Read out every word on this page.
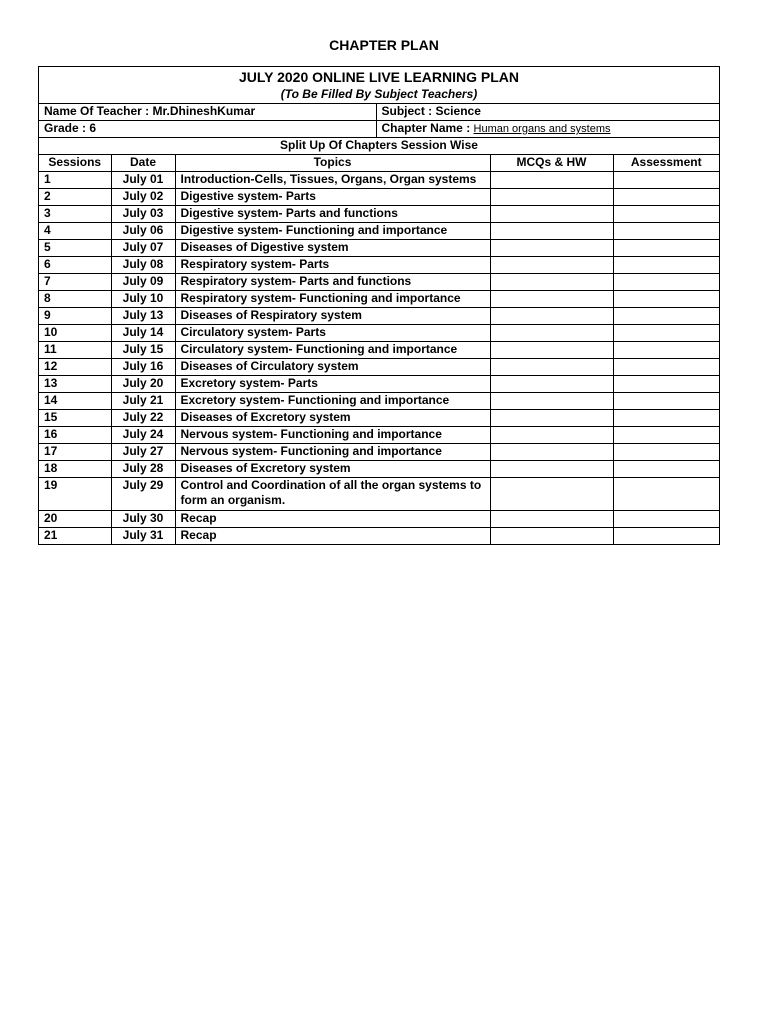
CHAPTER PLAN
JULY 2020 ONLINE LIVE LEARNING PLAN
(To Be Filled By Subject Teachers)
Name Of Teacher : Mr.DhineshKumar	Subject : Science
Grade : 6	Chapter Name : Human organs and systems
Split Up Of Chapters Session Wise	
Sessions	Date	Topics	MCQs & HW	Assessment
1	July 01	Introduction-Cells, Tissues, Organs, Organ systems		
2	July 02	Digestive system- Parts		
3	July 03	Digestive system- Parts and functions		
4	July 06	Digestive system- Functioning and importance		
5	July 07	Diseases of Digestive system		
6	July 08	Respiratory system- Parts		
7	July 09	Respiratory system- Parts and functions		
8	July 10	Respiratory system- Functioning and importance		
9	July 13	Diseases of Respiratory system		
10	July 14	Circulatory system- Parts		
11	July 15	Circulatory system- Functioning and importance		
12	July 16	Diseases of Circulatory system		
13	July 20	Excretory system- Parts		
14	July 21	Excretory system- Functioning and importance		
15	July 22	Diseases of Excretory system		
16	July 24	Nervous system- Functioning and importance		
17	July 27	Nervous system- Functioning and importance		
18	July 28	Diseases of Excretory system		
19	July 29	Control and Coordination of all the organ systems to form an organism.		
20	July 30	Recap		
21	July 31	Recap		
